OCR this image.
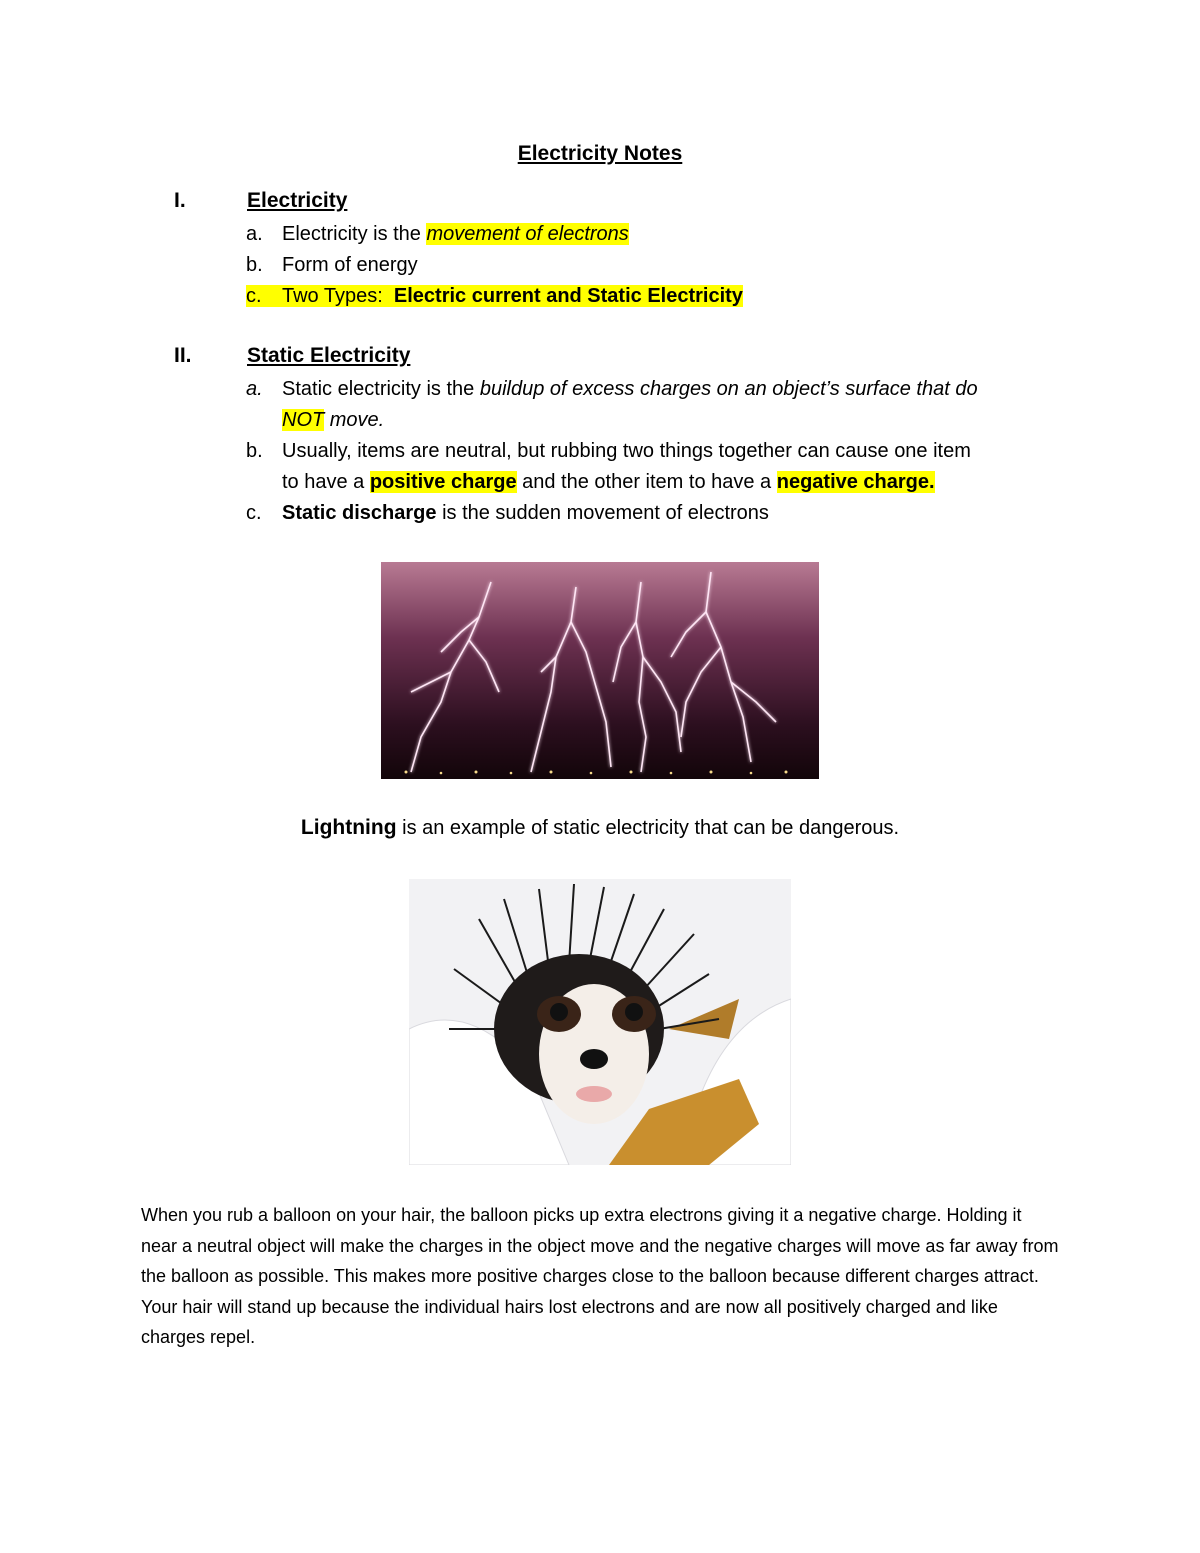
Electricity Notes
I.	Electricity
a. Electricity is the movement of electrons
b. Form of energy
c. Two Types:  Electric current and Static Electricity
II.	Static Electricity
a. Static electricity is the buildup of excess charges on an object’s surface that do
NOT move.
b. Usually, items are neutral, but rubbing two things together can cause one item
to have a positive charge and the other item to have a negative charge.
c. Static discharge is the sudden movement of electrons
Lightning is an example of static electricity that can be dangerous.
When you rub a balloon on your hair, the balloon picks up extra electrons giving it a negative charge. Holding it near a neutral object will make the charges in the object move and the negative charges will move as far away from the balloon as possible. This makes more positive charges close to the balloon because different charges attract. Your hair will stand up because the individual hairs lost electrons and are now all positively charged and like charges repel.
